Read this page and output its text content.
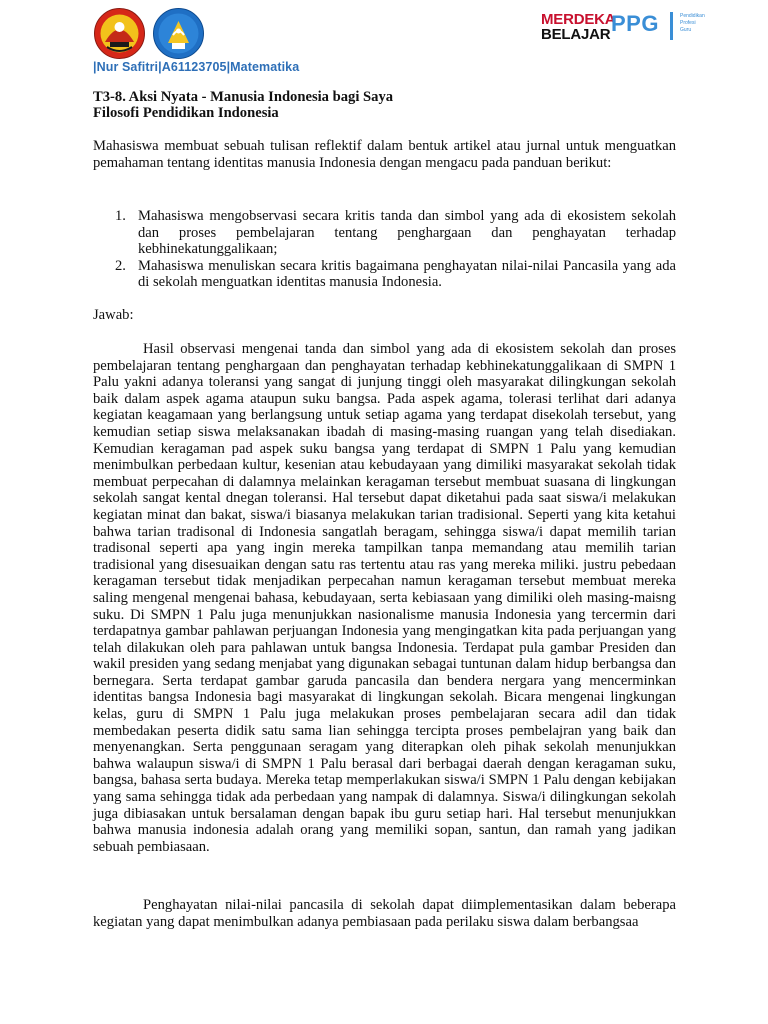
MERDEKA
BELAJAR PPG	Pendidikan
Profesi
Guru
|Nur Safitri|A61123705|Matematika
T3-8. Aksi Nyata - Manusia Indonesia bagi Saya
Filosofi Pendidikan Indonesia
Mahasiswa membuat sebuah tulisan reflektif dalam bentuk artikel atau jurnal untuk menguatkan pemahaman tentang identitas manusia Indonesia dengan mengacu pada panduan berikut:
1. Mahasiswa mengobservasi secara kritis tanda dan simbol yang ada di ekosistem sekolah dan proses pembelajaran tentang penghargaan dan penghayatan terhadap kebhinekatunggalikaan;
2. Mahasiswa menuliskan secara kritis bagaimana penghayatan nilai-nilai Pancasila yang ada di sekolah menguatkan identitas manusia Indonesia.
Jawab:
Hasil observasi mengenai tanda dan simbol yang ada di ekosistem sekolah dan proses pembelajaran tentang penghargaan dan penghayatan terhadap kebhinekatunggalikaan di SMPN 1 Palu yakni adanya toleransi yang sangat di junjung tinggi oleh masyarakat dilingkungan sekolah baik dalam aspek agama ataupun suku bangsa. Pada aspek agama, tolerasi terlihat dari adanya kegiatan keagamaan yang berlangsung untuk setiap agama yang terdapat disekolah tersebut, yang kemudian setiap siswa melaksanakan ibadah di masing-masing ruangan yang telah disediakan. Kemudian keragaman pad aspek suku bangsa yang terdapat di SMPN 1 Palu yang kemudian menimbulkan perbedaan kultur, kesenian atau kebudayaan yang dimiliki masyarakat sekolah tidak membuat perpecahan di dalamnya melainkan keragaman tersebut membuat suasana di lingkungan sekolah sangat kental dnegan toleransi. Hal tersebut dapat diketahui pada saat siswa/i melakukan kegiatan minat dan bakat, siswa/i biasanya melakukan tarian tradisional. Seperti yang kita ketahui bahwa tarian tradisonal di Indonesia sangatlah beragam, sehingga siswa/i dapat memilih tarian tradisonal seperti apa yang ingin mereka tampilkan tanpa memandang atau memilih tarian tradisional yang disesuaikan dengan satu ras tertentu atau ras yang mereka miliki. justru pebedaan keragaman tersebut tidak menjadikan perpecahan namun keragaman tersebut membuat mereka saling mengenal mengenai bahasa, kebudayaan, serta kebiasaan yang dimiliki oleh masing-maisng suku. Di SMPN 1 Palu juga menunjukkan nasionalisme manusia Indonesia yang tercermin dari terdapatnya gambar pahlawan perjuangan Indonesia yang mengingatkan kita pada perjuangan yang telah dilakukan oleh para pahlawan untuk bangsa Indonesia. Terdapat pula gambar Presiden dan wakil presiden yang sedang menjabat yang digunakan sebagai tuntunan dalam hidup berbangsa dan bernegara. Serta terdapat gambar garuda pancasila dan bendera nergara yang mencerminkan identitas bangsa Indonesia bagi masyarakat di lingkungan sekolah. Bicara mengenai lingkungan kelas, guru di SMPN 1 Palu juga melakukan proses pembelajaran secara adil dan tidak membedakan peserta didik satu sama lian sehingga tercipta proses pembelajran yang baik dan menyenangkan. Serta penggunaan seragam yang diterapkan oleh pihak sekolah menunjukkan bahwa walaupun siswa/i di SMPN 1 Palu berasal dari berbagai daerah dengan keragaman suku, bangsa, bahasa serta budaya. Mereka tetap memperlakukan siswa/i SMPN 1 Palu dengan kebijakan yang sama sehingga tidak ada perbedaan yang nampak di dalamnya. Siswa/i dilingkungan sekolah juga dibiasakan untuk bersalaman dengan bapak ibu guru setiap hari. Hal tersebut menunjukkan bahwa manusia indonesia adalah orang yang memiliki sopan, santun, dan ramah yang jadikan sebuah pembiasaan.
Penghayatan nilai-nilai pancasila di sekolah dapat diimplementasikan dalam beberapa kegiatan yang dapat menimbulkan adanya pembiasaan pada perilaku siswa dalam berbangsaa
